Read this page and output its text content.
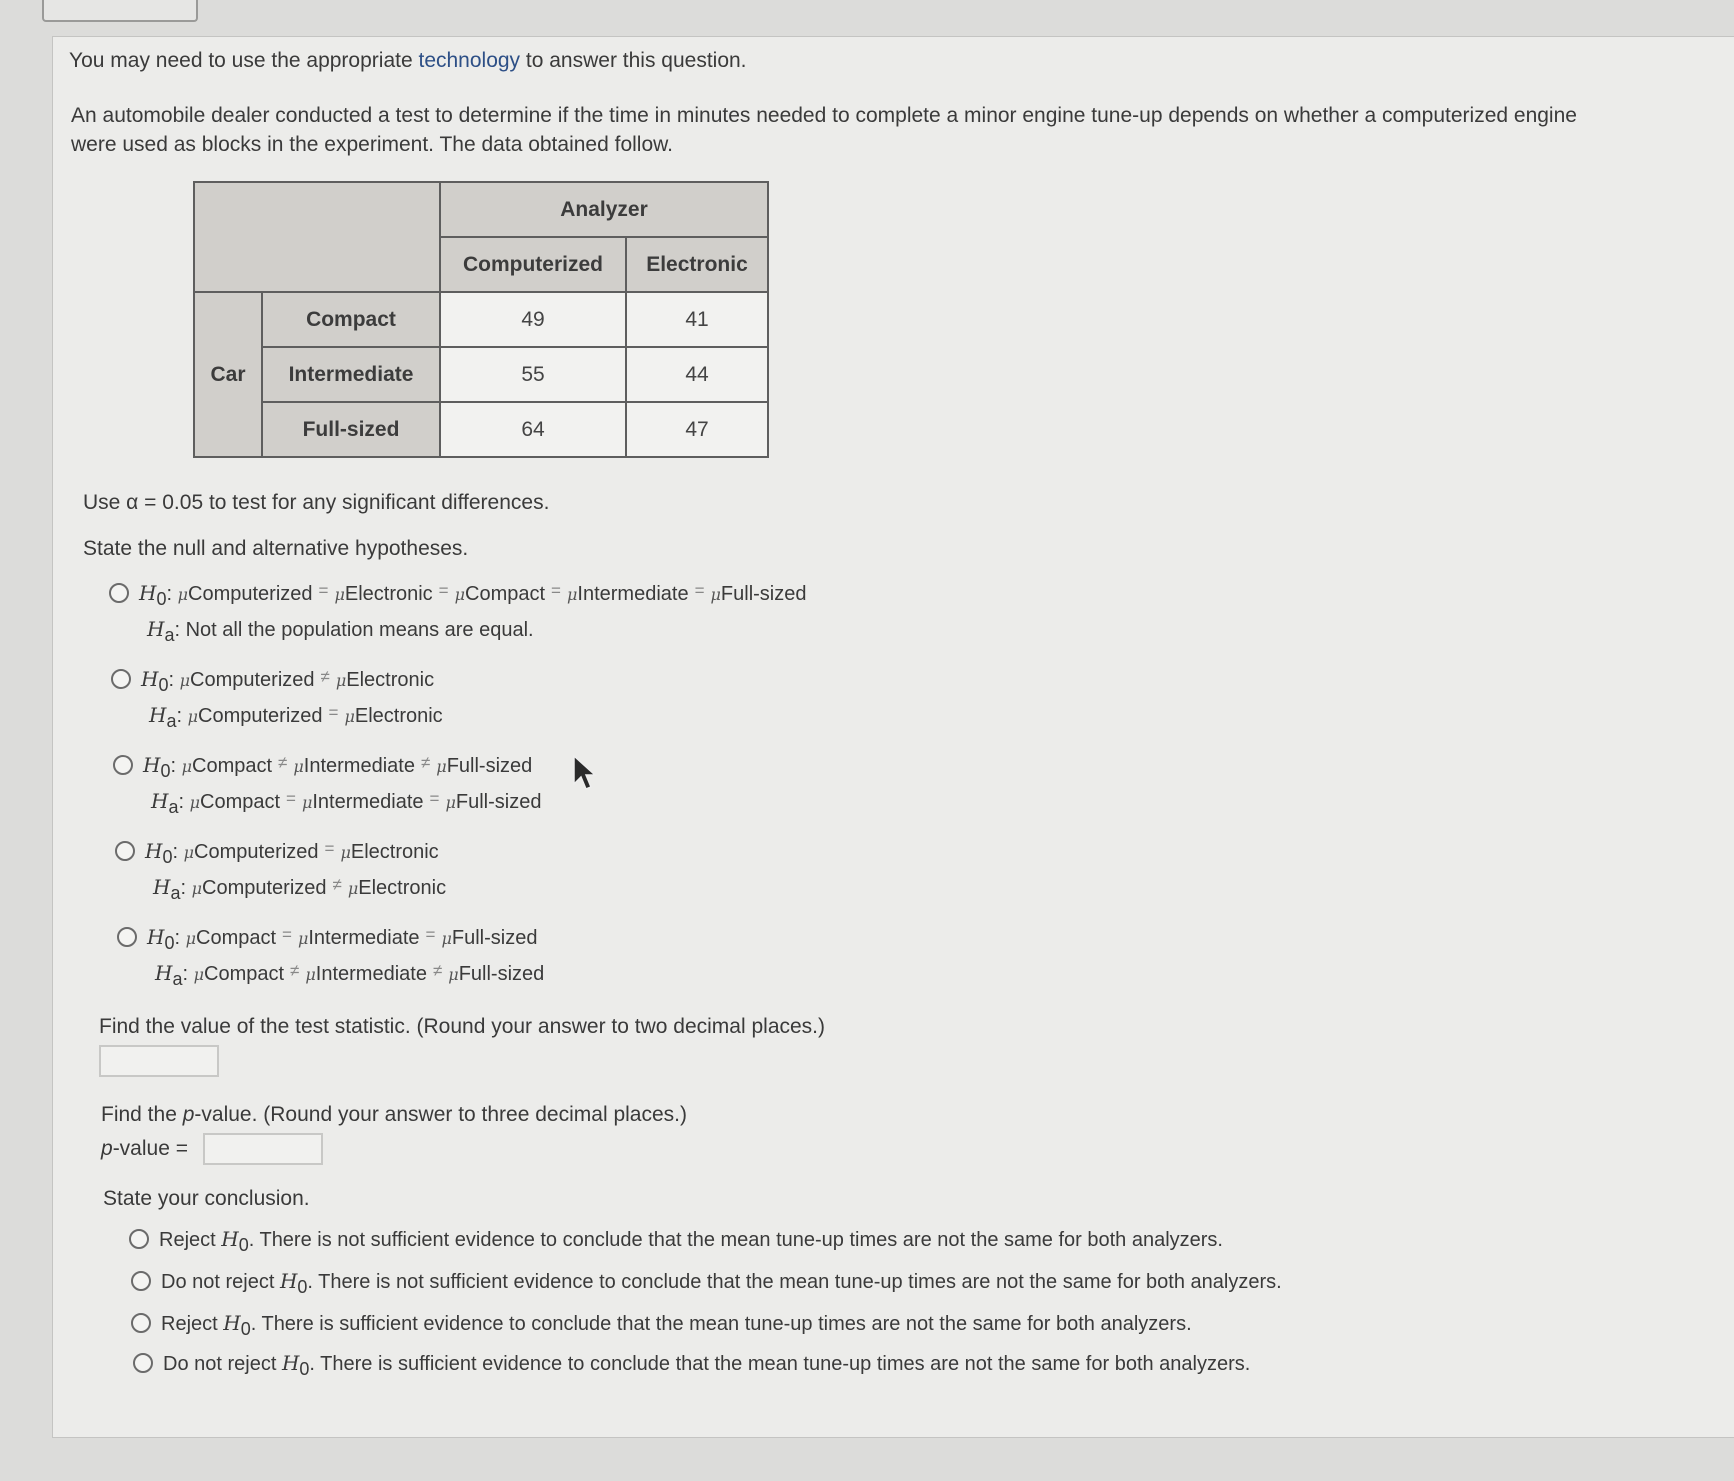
You may need to use the appropriate technology to answer this question.
An automobile dealer conducted a test to determine if the time in minutes needed to complete a minor engine tune-up depends on whether a computerized engine
were used as blocks in the experiment. The data obtained follow.
		Analyzer	
		Computerized	Electronic
Car	Compact	49	41
	Intermediate	55	44
	Full-sized	64	47
Use α = 0.05 to test for any significant differences.
State the null and alternative hypotheses.
H0: μComputerized = μElectronic = μCompact = μIntermediate = μFull-sized
Ha: Not all the population means are equal.
H0: μComputerized ≠ μElectronic
Ha: μComputerized = μElectronic
H0: μCompact ≠ μIntermediate ≠ μFull-sized
Ha: μCompact = μIntermediate = μFull-sized
H0: μComputerized = μElectronic
Ha: μComputerized ≠ μElectronic
H0: μCompact = μIntermediate = μFull-sized
Ha: μCompact ≠ μIntermediate ≠ μFull-sized
Find the value of the test statistic. (Round your answer to two decimal places.)
Find the p-value. (Round your answer to three decimal places.)
p-value =
State your conclusion.
Reject H0. There is not sufficient evidence to conclude that the mean tune-up times are not the same for both analyzers.
Do not reject H0. There is not sufficient evidence to conclude that the mean tune-up times are not the same for both analyzers.
Reject H0. There is sufficient evidence to conclude that the mean tune-up times are not the same for both analyzers.
Do not reject H0. There is sufficient evidence to conclude that the mean tune-up times are not the same for both analyzers.
